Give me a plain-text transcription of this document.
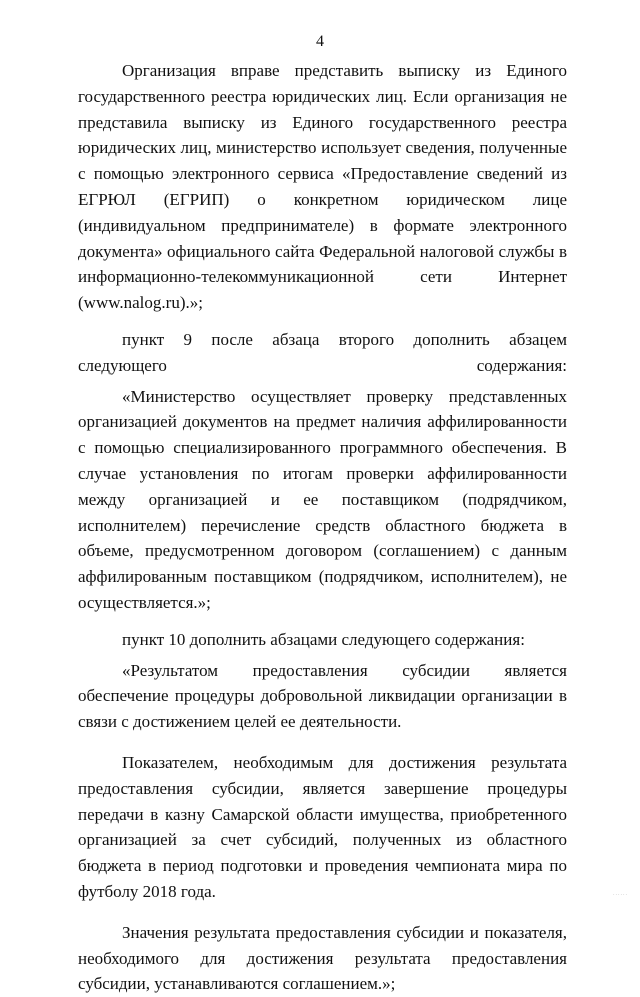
4

Организация вправе представить выписку из Единого государственного реестра юридических лиц. Если организация не представила выписку из Единого государственного реестра юридических лиц, министерство использует сведения, полученные с помощью электронного сервиса «Предоставление сведений из ЕГРЮЛ (ЕГРИП) о конкретном юридическом лице (индивидуальном предпринимателе) в формате электронного документа» официального сайта Федеральной налоговой службы в информационно-телекоммуникационной сети Интернет (www.nalog.ru).»;

пункт 9 после абзаца второго дополнить абзацем следующего содержания:

«Министерство осуществляет проверку представленных организацией документов на предмет наличия аффилированности с помощью специализированного программного обеспечения. В случае установления по итогам проверки аффилированности между организацией и ее поставщиком (подрядчиком, исполнителем) перечисление средств областного бюджета в объеме, предусмотренном договором (соглашением) с данным аффилированным поставщиком (подрядчиком, исполнителем), не осуществляется.»;

пункт 10 дополнить абзацами следующего содержания:

«Результатом предоставления субсидии является обеспечение процедуры добровольной ликвидации организации в связи с достижением целей ее деятельности.

Показателем, необходимым для достижения результата предоставления субсидии, является завершение процедуры передачи в казну Самарской области имущества, приобретенного организацией за счет субсидий, полученных из областного бюджета в период подготовки и проведения чемпионата мира по футболу 2018 года.

Значения результата предоставления субсидии и показателя, необходимого для достижения результата предоставления субсидии, устанавливаются соглашением.»;

......
